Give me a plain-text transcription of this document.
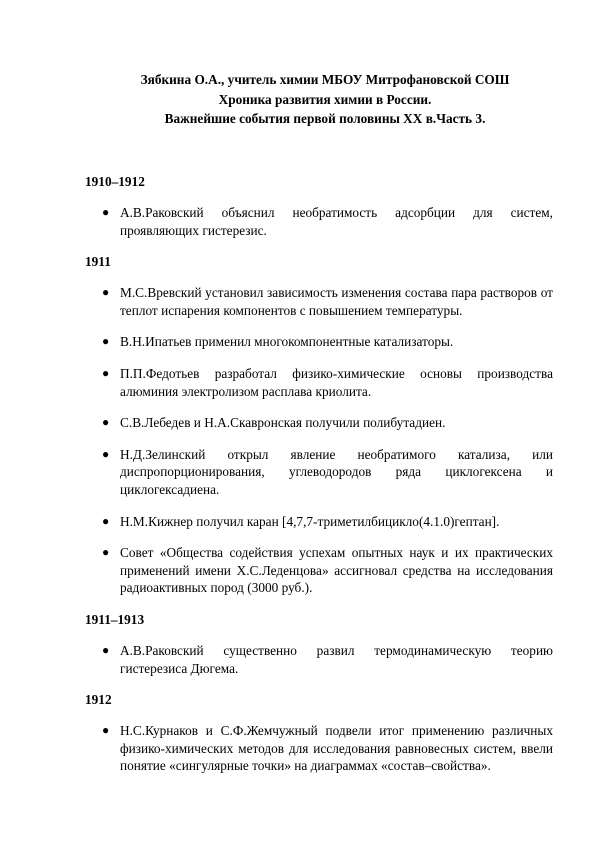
Зябкина О.А., учитель химии МБОУ Митрофановской СОШ
Хроника развития химии в России.
Важнейшие события первой половины XX в.Часть 3.
1910–1912
● А.В.Раковский объяснил необратимость адсорбции для систем, проявляющих гистерезис.

1911
● М.С.Вревский установил зависимость изменения состава пара растворов от теплот испарения компонентов с повышением температуры.

● В.Н.Ипатьев применил многокомпонентные катализаторы.

● П.П.Федотьев разработал физико-химические основы производства алюминия электролизом расплава криолита.

● С.В.Лебедев и Н.А.Скавронская получили полибутадиен.

● Н.Д.Зелинский открыл явление необратимого катализа, или диспропорционирования, углеводородов ряда циклогексена и циклогексадиена.

● Н.М.Кижнер получил каран [4,7,7-триметилбицикло(4.1.0)гептан].

● Совет «Общества содействия успехам опытных наук и их практических применений имени Х.С.Леденцова» ассигновал средства на исследования радиоактивных пород (3000 руб.).

1911–1913
● А.В.Раковский существенно развил термодинамическую теорию гистерезиса Дюгема.

1912
● Н.С.Курнаков и С.Ф.Жемчужный подвели итог применению различных физико-химических методов для исследования равновесных систем, ввели понятие «сингулярные точки» на диаграммах «состав–свойства».
